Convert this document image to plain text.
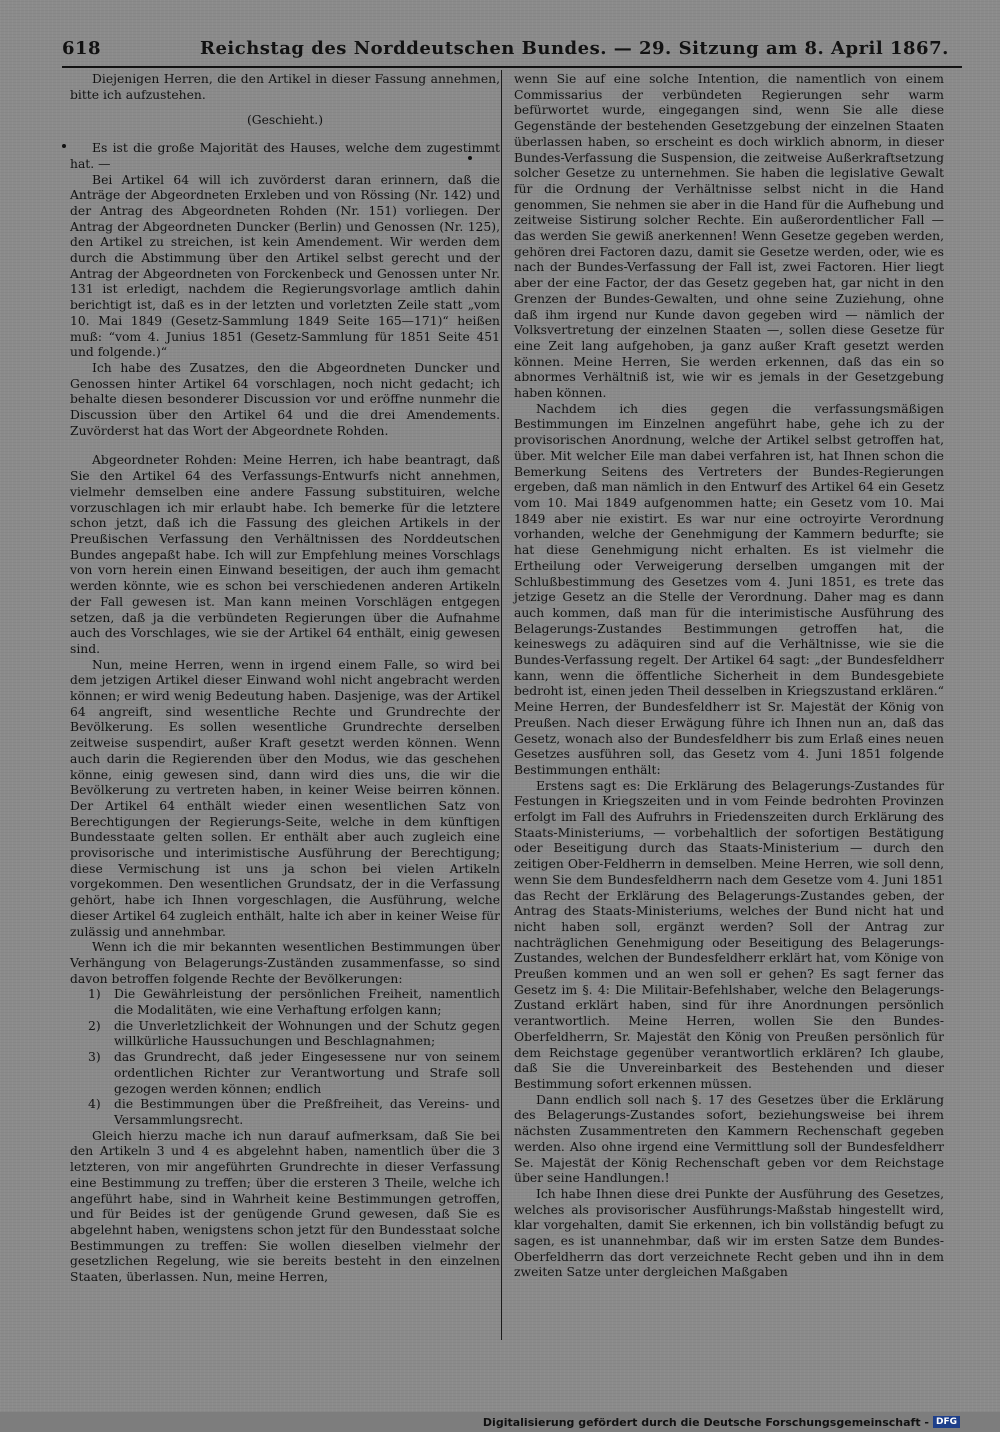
618	Reichstag des Norddeutschen Bundes. — 29. Sitzung am 8. April 1867.

Diejenigen Herren, die den Artikel in dieser Fassung annehmen, bitte ich aufzustehen.

(Geschieht.)

Es ist die große Majorität des Hauses, welche dem zugestimmt hat. —

Bei Artikel 64 will ich zuvörderst daran erinnern, daß die Anträge der Abgeordneten Erxleben und von Rössing (Nr. 142) und der Antrag des Abgeordneten Rohden (Nr. 151) vorliegen. Der Antrag der Abgeordneten Duncker (Berlin) und Genossen (Nr. 125), den Artikel zu streichen, ist kein Amendement. Wir werden dem durch die Abstimmung über den Artikel selbst gerecht und der Antrag der Abgeordneten von Forckenbeck und Genossen unter Nr. 131 ist erledigt, nachdem die Regierungsvorlage amtlich dahin berichtigt ist, daß es in der letzten und vorletzten Zeile statt „vom 10. Mai 1849 (Gesetz-Sammlung 1849 Seite 165—171)“ heißen muß: “vom 4. Junius 1851 (Gesetz-Sammlung für 1851 Seite 451 und folgende.)“

Ich habe des Zusatzes, den die Abgeordneten Duncker und Genossen hinter Artikel 64 vorschlagen, noch nicht gedacht; ich behalte diesen besonderer Discussion vor und eröffne nunmehr die Discussion über den Artikel 64 und die drei Amendements. Zuvörderst hat das Wort der Abgeordnete Rohden.

Abgeordneter Rohden: Meine Herren, ich habe beantragt, daß Sie den Artikel 64 des Verfassungs-Entwurfs nicht annehmen, vielmehr demselben eine andere Fassung substituiren, welche vorzuschlagen ich mir erlaubt habe. Ich bemerke für die letztere schon jetzt, daß ich die Fassung des gleichen Artikels in der Preußischen Verfassung den Verhältnissen des Norddeutschen Bundes angepaßt habe. Ich will zur Empfehlung meines Vorschlags von vorn herein einen Einwand beseitigen, der auch ihm gemacht werden könnte, wie es schon bei verschiedenen anderen Artikeln der Fall gewesen ist. Man kann meinen Vorschlägen entgegen setzen, daß ja die verbündeten Regierungen über die Aufnahme auch des Vorschlages, wie sie der Artikel 64 enthält, einig gewesen sind.

Nun, meine Herren, wenn in irgend einem Falle, so wird bei dem jetzigen Artikel dieser Einwand wohl nicht angebracht werden können; er wird wenig Bedeutung haben. Dasjenige, was der Artikel 64 angreift, sind wesentliche Rechte und Grundrechte der Bevölkerung. Es sollen wesentliche Grundrechte derselben zeitweise suspendirt, außer Kraft gesetzt werden können. Wenn auch darin die Regierenden über den Modus, wie das geschehen könne, einig gewesen sind, dann wird dies uns, die wir die Bevölkerung zu vertreten haben, in keiner Weise beirren können. Der Artikel 64 enthält wieder einen wesentlichen Satz von Berechtigungen der Regierungs-Seite, welche in dem künftigen Bundesstaate gelten sollen. Er enthält aber auch zugleich eine provisorische und interimistische Ausführung der Berechtigung; diese Vermischung ist uns ja schon bei vielen Artikeln vorgekommen. Den wesentlichen Grundsatz, der in die Verfassung gehört, habe ich Ihnen vorgeschlagen, die Ausführung, welche dieser Artikel 64 zugleich enthält, halte ich aber in keiner Weise für zulässig und annehmbar.

Wenn ich die mir bekannten wesentlichen Bestimmungen über Verhängung von Belagerungs-Zuständen zusammenfasse, so sind davon betroffen folgende Rechte der Bevölkerungen:

1) Die Gewährleistung der persönlichen Freiheit, namentlich die Modalitäten, wie eine Verhaftung erfolgen kann;
2) die Unverletzlichkeit der Wohnungen und der Schutz gegen willkürliche Haussuchungen und Beschlagnahmen;
3) das Grundrecht, daß jeder Eingesessene nur von seinem ordentlichen Richter zur Verantwortung und Strafe soll gezogen werden können; endlich
4) die Bestimmungen über die Preßfreiheit, das Vereins- und Versammlungsrecht.

Gleich hierzu mache ich nun darauf aufmerksam, daß Sie bei den Artikeln 3 und 4 es abgelehnt haben, namentlich über die 3 letzteren, von mir angeführten Grundrechte in dieser Verfassung eine Bestimmung zu treffen; über die ersteren 3 Theile, welche ich angeführt habe, sind in Wahrheit keine Bestimmungen getroffen, und für Beides ist der genügende Grund gewesen, daß Sie es abgelehnt haben, wenigstens schon jetzt für den Bundesstaat solche Bestimmungen zu treffen: Sie wollen dieselben vielmehr der gesetzlichen Regelung, wie sie bereits besteht in den einzelnen Staaten, überlassen. Nun, meine Herren,

wenn Sie auf eine solche Intention, die namentlich von einem Commissarius der verbündeten Regierungen sehr warm befürwortet wurde, eingegangen sind, wenn Sie alle diese Gegenstände der bestehenden Gesetzgebung der einzelnen Staaten überlassen haben, so erscheint es doch wirklich abnorm, in dieser Bundes-Verfassung die Suspension, die zeitweise Außerkraftsetzung solcher Gesetze zu unternehmen. Sie haben die legislative Gewalt für die Ordnung der Verhältnisse selbst nicht in die Hand genommen, Sie nehmen sie aber in die Hand für die Aufhebung und zeitweise Sistirung solcher Rechte. Ein außerordentlicher Fall — das werden Sie gewiß anerkennen! Wenn Gesetze gegeben werden, gehören drei Factoren dazu, damit sie Gesetze werden, oder, wie es nach der Bundes-Verfassung der Fall ist, zwei Factoren. Hier liegt aber der eine Factor, der das Gesetz gegeben hat, gar nicht in den Grenzen der Bundes-Gewalten, und ohne seine Zuziehung, ohne daß ihm irgend nur Kunde davon gegeben wird — nämlich der Volksvertretung der einzelnen Staaten —, sollen diese Gesetze für eine Zeit lang aufgehoben, ja ganz außer Kraft gesetzt werden können. Meine Herren, Sie werden erkennen, daß das ein so abnormes Verhältniß ist, wie wir es jemals in der Gesetzgebung haben können.

Nachdem ich dies gegen die verfassungsmäßigen Bestimmungen im Einzelnen angeführt habe, gehe ich zu der provisorischen Anordnung, welche der Artikel selbst getroffen hat, über. Mit welcher Eile man dabei verfahren ist, hat Ihnen schon die Bemerkung Seitens des Vertreters der Bundes-Regierungen ergeben, daß man nämlich in den Entwurf des Artikel 64 ein Gesetz vom 10. Mai 1849 aufgenommen hatte; ein Gesetz vom 10. Mai 1849 aber nie existirt. Es war nur eine octroyirte Verordnung vorhanden, welche der Genehmigung der Kammern bedurfte; sie hat diese Genehmigung nicht erhalten. Es ist vielmehr die Ertheilung oder Verweigerung derselben umgangen mit der Schlußbestimmung des Gesetzes vom 4. Juni 1851, es trete das jetzige Gesetz an die Stelle der Verordnung. Daher mag es dann auch kommen, daß man für die interimistische Ausführung des Belagerungs-Zustandes Bestimmungen getroffen hat, die keineswegs zu adäquiren sind auf die Verhältnisse, wie sie die Bundes-Verfassung regelt. Der Artikel 64 sagt: „der Bundesfeldherr kann, wenn die öffentliche Sicherheit in dem Bundesgebiete bedroht ist, einen jeden Theil desselben in Kriegszustand erklären.“ Meine Herren, der Bundesfeldherr ist Sr. Majestät der König von Preußen. Nach dieser Erwägung führe ich Ihnen nun an, daß das Gesetz, wonach also der Bundesfeldherr bis zum Erlaß eines neuen Gesetzes ausführen soll, das Gesetz vom 4. Juni 1851 folgende Bestimmungen enthält:

Erstens sagt es: Die Erklärung des Belagerungs-Zustandes für Festungen in Kriegszeiten und in vom Feinde bedrohten Provinzen erfolgt im Fall des Aufruhrs in Friedenszeiten durch Erklärung des Staats-Ministeriums, — vorbehaltlich der sofortigen Bestätigung oder Beseitigung durch das Staats-Ministerium — durch den zeitigen Ober-Feldherrn in demselben. Meine Herren, wie soll denn, wenn Sie dem Bundesfeldherrn nach dem Gesetze vom 4. Juni 1851 das Recht der Erklärung des Belagerungs-Zustandes geben, der Antrag des Staats-Ministeriums, welches der Bund nicht hat und nicht haben soll, ergänzt werden? Soll der Antrag zur nachträglichen Genehmigung oder Beseitigung des Belagerungs-Zustandes, welchen der Bundesfeldherr erklärt hat, vom Könige von Preußen kommen und an wen soll er gehen? Es sagt ferner das Gesetz im §. 4: Die Militair-Befehlshaber, welche den Belagerungs-Zustand erklärt haben, sind für ihre Anordnungen persönlich verantwortlich. Meine Herren, wollen Sie den Bundes-Oberfeldherrn, Sr. Majestät den König von Preußen persönlich für dem Reichstage gegenüber verantwortlich erklären? Ich glaube, daß Sie die Unvereinbarkeit des Bestehenden und dieser Bestimmung sofort erkennen müssen.

Dann endlich soll nach §. 17 des Gesetzes über die Erklärung des Belagerungs-Zustandes sofort, beziehungsweise bei ihrem nächsten Zusammentreten den Kammern Rechenschaft gegeben werden. Also ohne irgend eine Vermittlung soll der Bundesfeldherr Se. Majestät der König Rechenschaft geben vor dem Reichstage über seine Handlungen.!

Ich habe Ihnen diese drei Punkte der Ausführung des Gesetzes, welches als provisorischer Ausführungs-Maßstab hingestellt wird, klar vorgehalten, damit Sie erkennen, ich bin vollständig befugt zu sagen, es ist unannehmbar, daß wir im ersten Satze dem Bundes-Oberfeldherrn das dort verzeichnete Recht geben und ihn in dem zweiten Satze unter dergleichen Maßgaben

Digitalisierung gefördert durch die Deutsche Forschungsgemeinschaft - DFG
